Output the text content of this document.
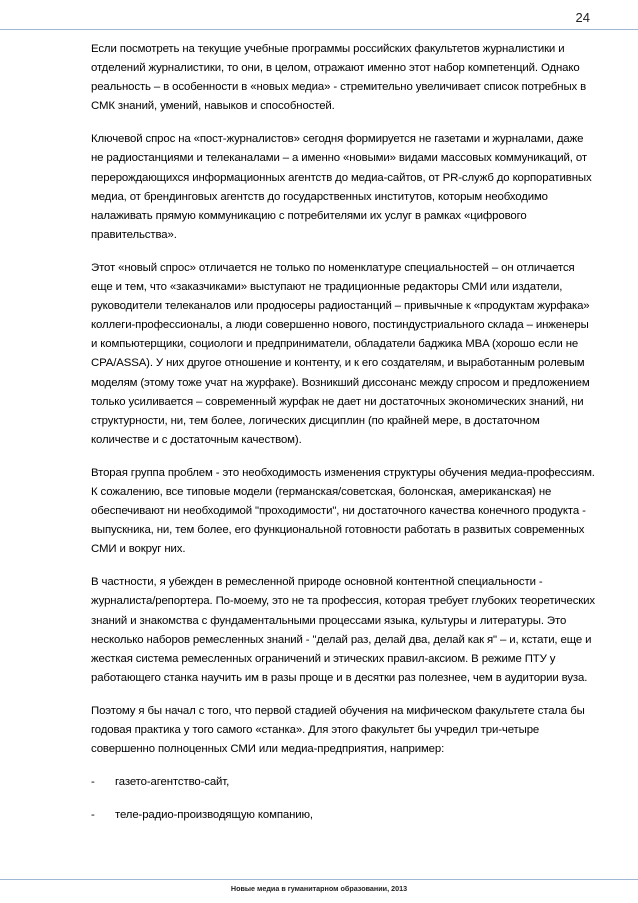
24

Если посмотреть на текущие учебные программы российских факультетов журналистики и отделений журналистики, то они, в целом, отражают именно этот набор компетенций. Однако реальность – в особенности в «новых медиа» - стремительно увеличивает список потребных в СМК знаний, умений, навыков и способностей.

Ключевой спрос на «пост-журналистов» сегодня формируется не газетами и журналами, даже не радиостанциями и телеканалами – а именно «новыми» видами массовых коммуникаций, от перерождающихся информационных агентств до медиа-сайтов, от PR-служб до корпоративных медиа, от брендинговых агентств до государственных институтов, которым необходимо налаживать прямую коммуникацию с потребителями их услуг в рамках «цифрового правительства».

Этот «новый спрос» отличается не только по номенклатуре специальностей – он отличается еще и тем, что «заказчиками» выступают не традиционные редакторы СМИ или издатели, руководители телеканалов или продюсеры радиостанций – привычные к «продуктам журфака» коллеги-профессионалы, а люди совершенно нового, постиндустриального склада – инженеры и компьютерщики, социологи и предприниматели, обладатели баджика MBA (хорошо если не CPA/ASSA). У них другое отношение и контенту, и к его создателям, и выработанным ролевым моделям (этому тоже учат на журфаке). Возникший диссонанс между спросом и предложением только усиливается – современный журфак не дает ни достаточных экономических знаний, ни структурности, ни, тем более, логических дисциплин (по крайней мере, в достаточном количестве и с достаточным качеством).

Вторая группа проблем - это необходимость изменения структуры обучения медиа-профессиям. К сожалению, все типовые модели (германская/советская, болонская, американская) не обеспечивают ни необходимой "проходимости", ни достаточного качества конечного продукта - выпускника, ни, тем более, его функциональной готовности работать в развитых современных СМИ и вокруг них.

В частности, я убежден в ремесленной природе основной контентной специальности - журналиста/репортера. По-моему, это не та профессия, которая требует глубоких теоретических знаний и знакомства с фундаментальными процессами языка, культуры и литературы. Это несколько наборов ремесленных знаний - "делай раз, делай два, делай как я" – и, кстати, еще и жесткая система ремесленных ограничений и этических правил-аксиом. В режиме ПТУ у работающего станка научить им в разы проще и в десятки раз полезнее, чем в аудитории вуза.

Поэтому я бы начал с того, что первой стадией обучения на мифическом факультете стала бы годовая практика у того самого «станка». Для этого факультет бы учредил три-четыре совершенно полноценных СМИ или медиа-предприятия, например:

-	газето-агентство-сайт,
-	теле-радио-производящую компанию,
Новые медиа в гуманитарном образовании, 2013
